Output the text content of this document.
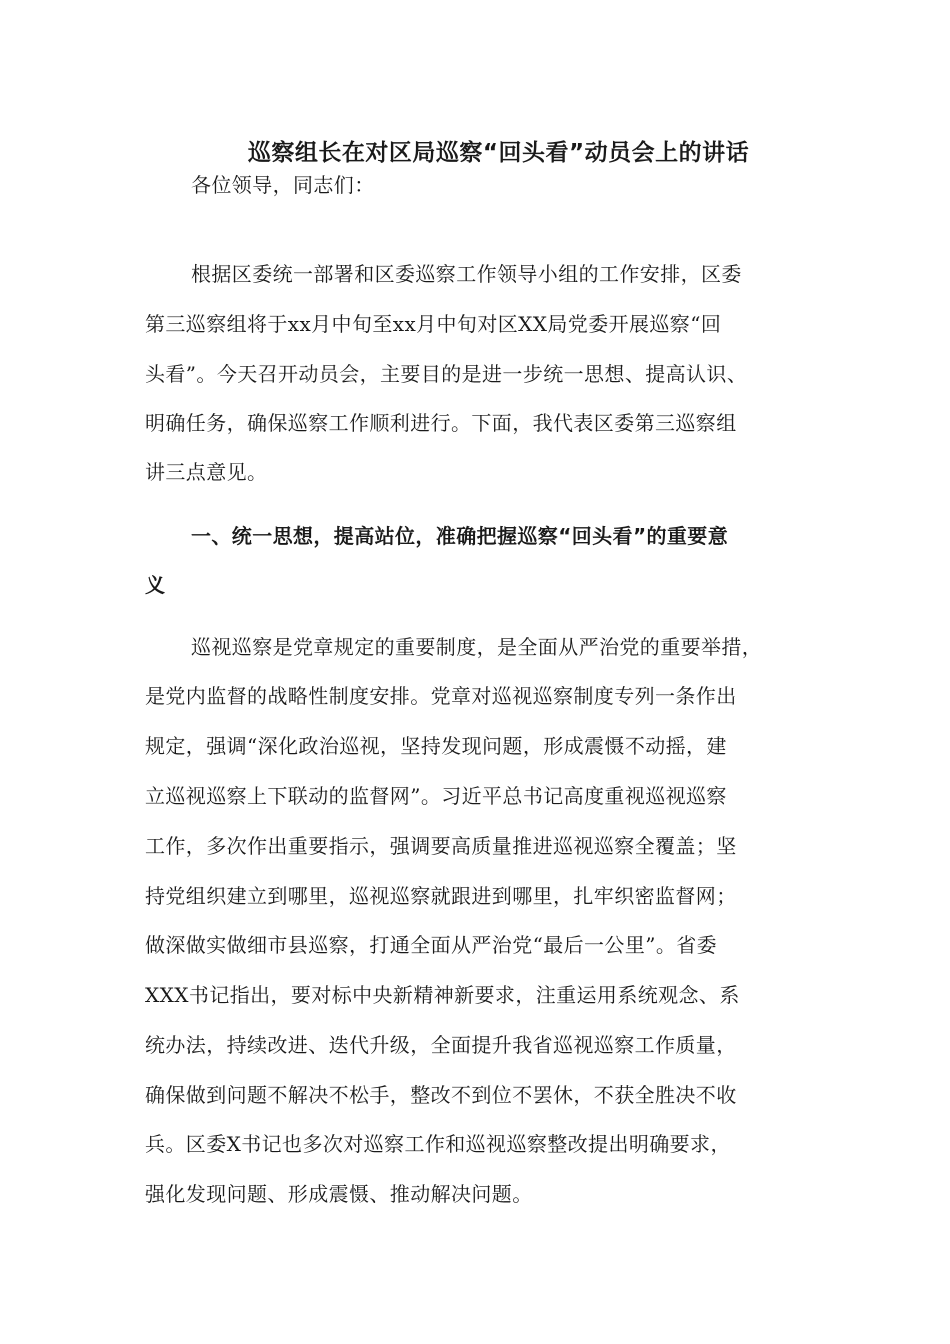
巡察组长在对区局巡察“回头看”动员会上的讲话

各位领导，同志们：

根据区委统一部署和区委巡察工作领导小组的工作安排，区委

第三巡察组将于xx月中旬至xx月中旬对区XX局党委开展巡察“回

头看”。今天召开动员会，主要目的是进一步统一思想、提高认识、

明确任务，确保巡察工作顺利进行。下面，我代表区委第三巡察组

讲三点意见。

一、统一思想，提高站位，准确把握巡察“回头看”的重要意

义

巡视巡察是党章规定的重要制度，是全面从严治党的重要举措，

是党内监督的战略性制度安排。党章对巡视巡察制度专列一条作出

规定，强调“深化政治巡视，坚持发现问题，形成震慑不动摇，建

立巡视巡察上下联动的监督网”。习近平总书记高度重视巡视巡察

工作，多次作出重要指示，强调要高质量推进巡视巡察全覆盖；坚

持党组织建立到哪里，巡视巡察就跟进到哪里，扎牢织密监督网；

做深做实做细市县巡察，打通全面从严治党“最后一公里”。省委

XXX书记指出，要对标中央新精神新要求，注重运用系统观念、系

统办法，持续改进、迭代升级，全面提升我省巡视巡察工作质量，

确保做到问题不解决不松手，整改不到位不罢休，不获全胜决不收

兵。区委X书记也多次对巡察工作和巡视巡察整改提出明确要求，

强化发现问题、形成震慑、推动解决问题。
